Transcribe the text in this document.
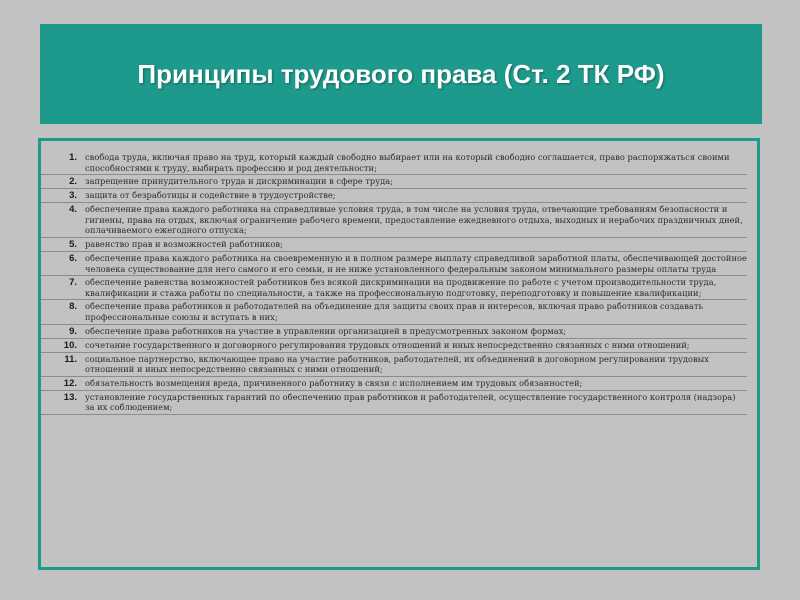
Принципы трудового права (Ст. 2 ТК РФ)
1. свобода труда, включая право на труд, который каждый свободно выбирает или на который свободно соглашается, право распоряжаться своими способностями к труду, выбирать профессию и род деятельности;
2. запрещение принудительного труда и дискриминации в сфере труда;
3. защита от безработицы и содействие в трудоустройстве;
4. обеспечение права каждого работника на справедливые условия труда, в том числе на условия труда, отвечающие требованиям безопасности и гигиены, права на отдых, включая ограничение рабочего времени, предоставление ежедневного отдыха, выходных и нерабочих праздничных дней, оплачиваемого ежегодного отпуска;
5. равенство прав и возможностей работников;
6. обеспечение права каждого работника на своевременную и в полном размере выплату справедливой заработной платы, обеспечивающей достойное человека существование для него самого и его семьи, и не ниже установленного федеральным законом минимального размеры оплаты труда
7. обеспечение равенства возможностей работников без всякой дискриминации на продвижение по работе с учетом производительности труда, квалификации и стажа работы по специальности, а также на профессиональную подготовку, переподготовку и повышение квалификации;
8. обеспечение права работников и работодателей на объединение для защиты своих прав и интересов, включая право работников создавать профессиональные союзы и вступать в них;
9. обеспечение права работников на участие в управлении организацией в предусмотренных законом формах;
10. сочетание государственного и договорного регулирования трудовых отношений и иных непосредственно связанных с ними отношений;
11. социальное партнерство, включающее право на участие работников, работодателей, их объединений в договорном регулировании трудовых отношений и иных непосредственно связанных с ними отношений;
12. обязательность возмещения вреда, причиненного работнику в связи с исполнением им трудовых обязанностей;
13. установление государственных гарантий по обеспечению прав работников и работодателей, осуществление государственного контроля (надзора) за их соблюдением;
